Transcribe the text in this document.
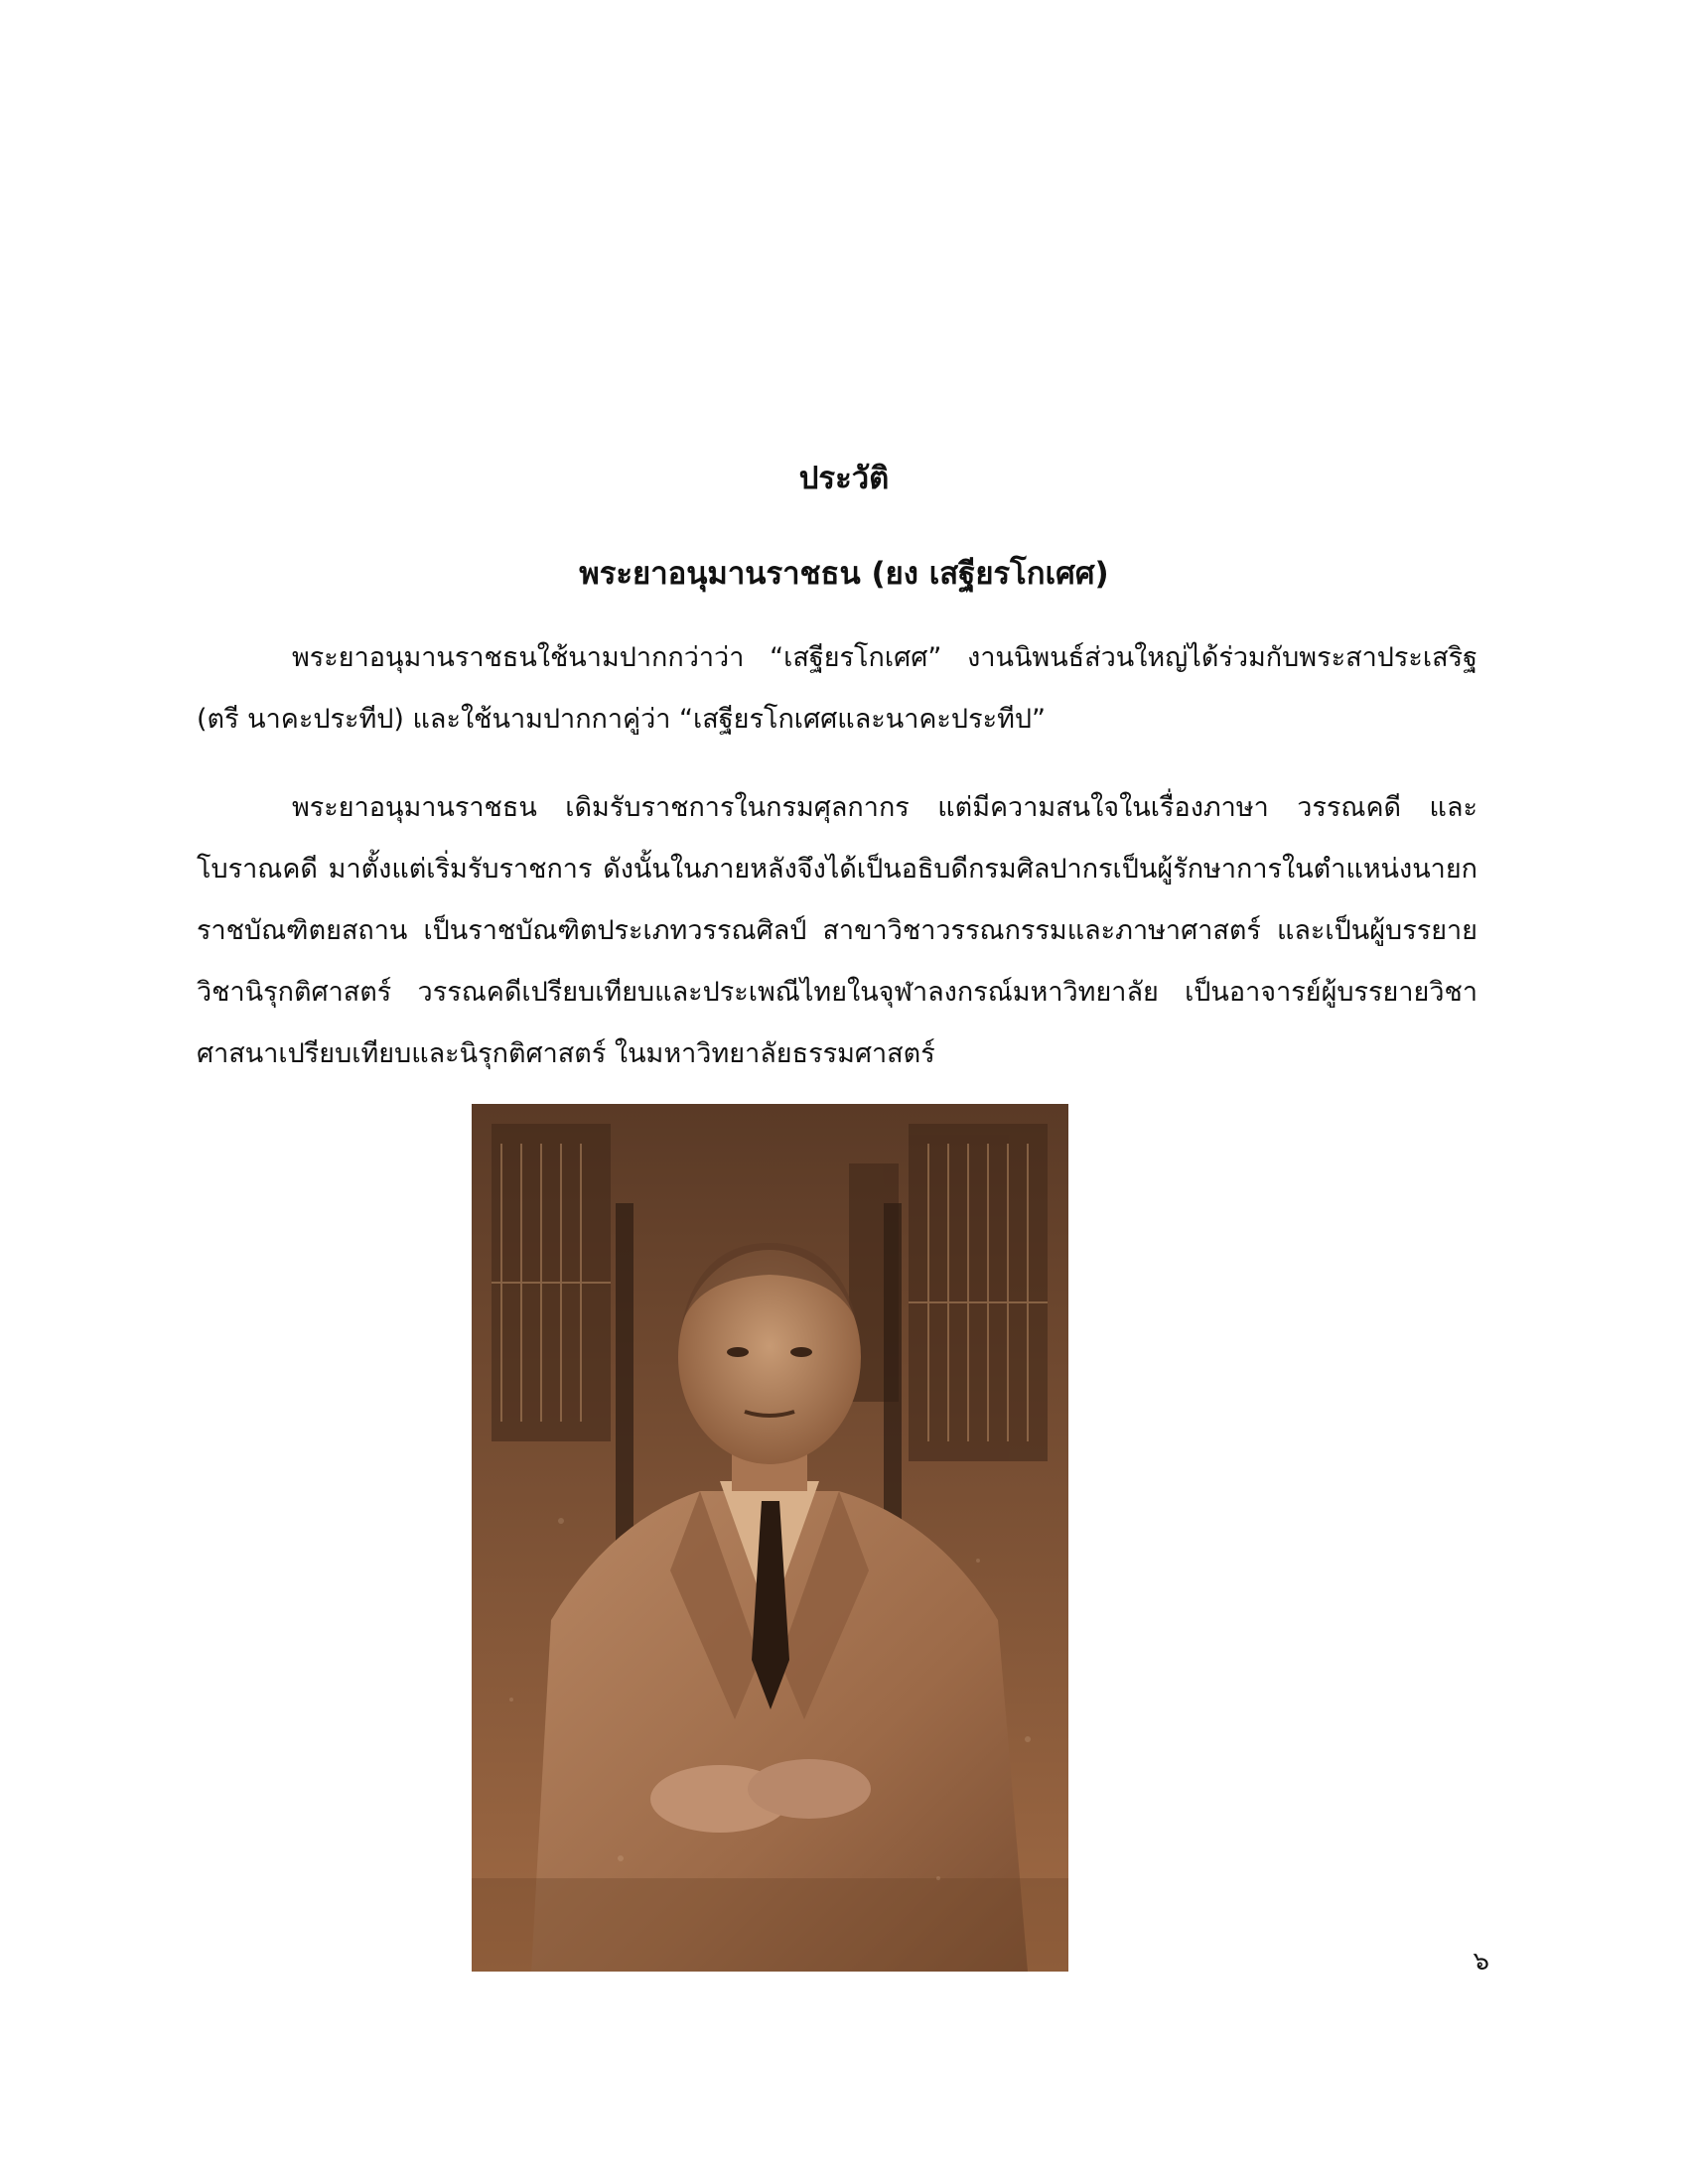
ประวัติ
พระยาอนุมานราชธน (ยง เสฐียรโกเศศ)

พระยาอนุมานราชธนใช้นามปากกว่าว่า “เสฐียรโกเศศ” งานนิพนธ์ส่วนใหญ่ได้ร่วมกับพระสาประเสริฐ (ตรี นาคะประทีป) และใช้นามปากกาคู่ว่า “เสฐียรโกเศศและนาคะประทีป”

พระยาอนุมานราชธน เดิมรับราชการในกรมศุลกากร แต่มีความสนใจในเรื่องภาษา วรรณคดี และโบราณคดี มาตั้งแต่เริ่มรับราชการ ดังนั้นในภายหลังจึงได้เป็นอธิบดีกรมศิลปากรเป็นผู้รักษาการในตำแหน่งนายกราชบัณฑิตยสถาน เป็นราชบัณฑิตประเภทวรรณศิลป์ สาขาวิชาวรรณกรรมและภาษาศาสตร์ และเป็นผู้บรรยายวิชานิรุกติศาสตร์ วรรณคดีเปรียบเทียบและประเพณีไทยในจุฬาลงกรณ์มหาวิทยาลัย เป็นอาจารย์ผู้บรรยายวิชาศาสนาเปรียบเทียบและนิรุกติศาสตร์ ในมหาวิทยาลัยธรรมศาสตร์

๖
